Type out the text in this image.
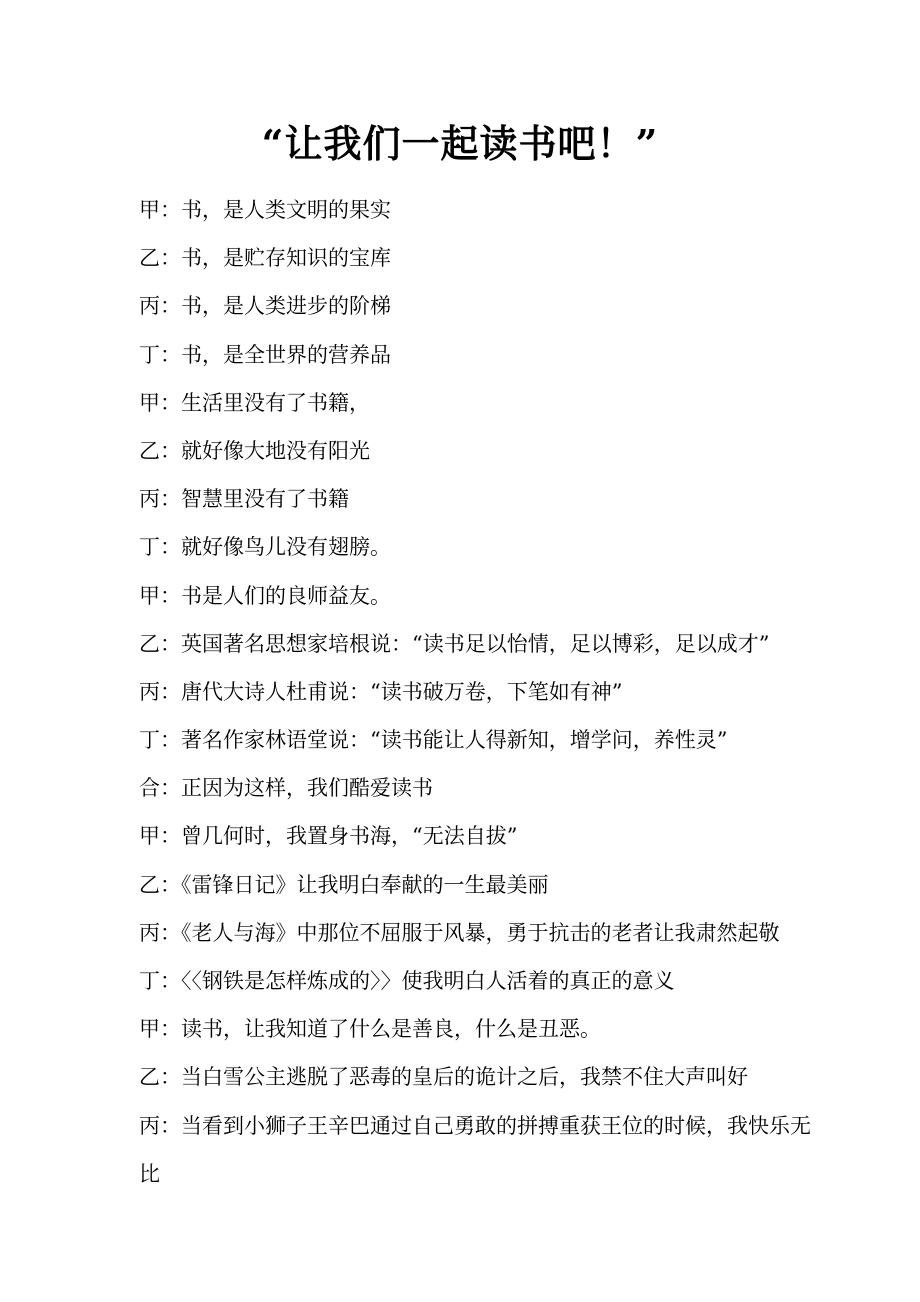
“让我们一起读书吧！”
甲：书，是人类文明的果实
乙：书，是贮存知识的宝库
丙：书，是人类进步的阶梯
丁：书，是全世界的营养品
甲：生活里没有了书籍，
乙：就好像大地没有阳光
丙：智慧里没有了书籍
丁：就好像鸟儿没有翅膀。
甲：书是人们的良师益友。
乙：英国著名思想家培根说：“读书足以怡情，足以博彩，足以成才”
丙：唐代大诗人杜甫说：“读书破万卷，下笔如有神”
丁：著名作家林语堂说：“读书能让人得新知，增学问，养性灵”
合：正因为这样，我们酷爱读书
甲：曾几何时，我置身书海，“无法自拔”
乙：《雷锋日记》让我明白奉献的一生最美丽
丙：《老人与海》中那位不屈服于风暴，勇于抗击的老者让我肃然起敬
丁：〈〈钢铁是怎样炼成的〉〉使我明白人活着的真正的意义
甲：读书，让我知道了什么是善良，什么是丑恶。
乙：当白雪公主逃脱了恶毒的皇后的诡计之后，我禁不住大声叫好
丙：当看到小狮子王辛巴通过自己勇敢的拼搏重获王位的时候，我快乐无
比
